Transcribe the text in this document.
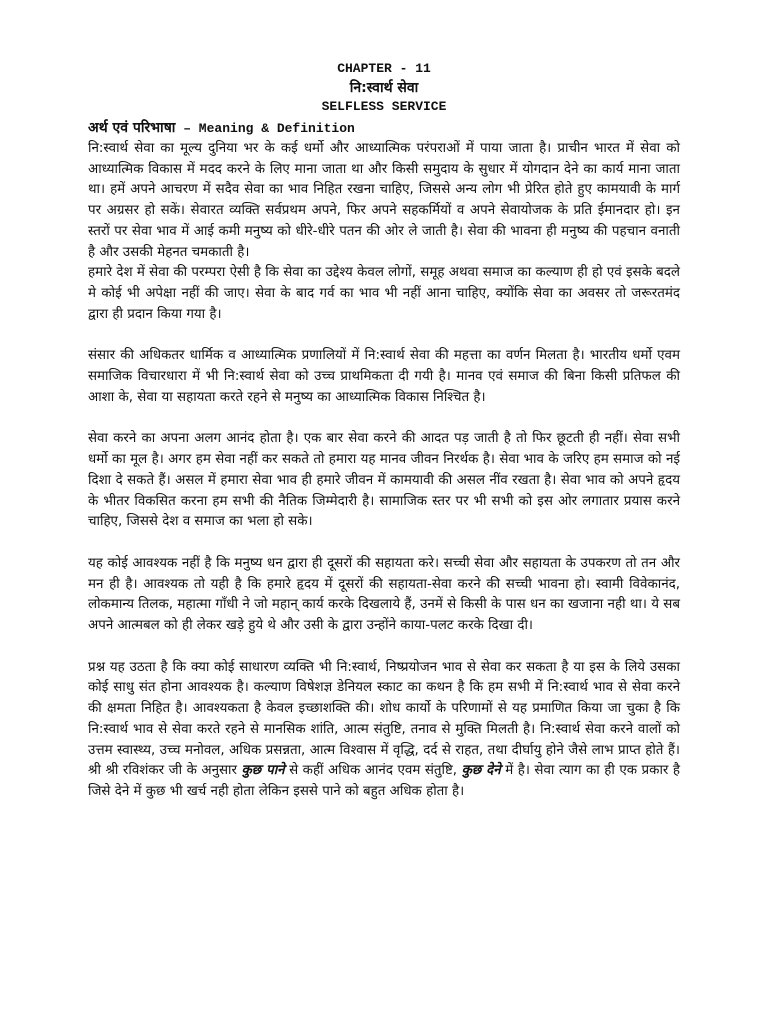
CHAPTER - 11
नि:स्वार्थ सेवा
SELFLESS SERVICE
अर्थ एवं परिभाषा – Meaning & Definition

नि:स्वार्थ सेवा का मूल्य दुनिया भर के कई धर्मो और आध्यात्मिक परंपराओं में पाया जाता है। प्राचीन भारत में सेवा को आध्यात्मिक विकास में मदद करने के लिए माना जाता था और किसी समुदाय के सुधार में योगदान देने का कार्य माना जाता था। हमें अपने आचरण में सदैव सेवा का भाव निहित रखना चाहिए, जिससे अन्य लोग भी प्रेरित होते हुए कामयावी के मार्ग पर अग्रसर हो सकें। सेवारत व्यक्ति सर्वप्रथम अपने, फिर अपने सहकर्मियों व अपने सेवायोजक के प्रति ईमानदार हो। इन स्तरों पर सेवा भाव में आई कमी मनुष्य को धीरे-धीरे पतन की ओर ले जाती है। सेवा की भावना ही मनुष्य की पहचान वनाती है और उसकी मेहनत चमकाती है।

हमारे देश में सेवा की परम्परा ऐसी है कि सेवा का उद्देश्य केवल लोगों, समूह अथवा समाज का कल्याण ही हो एवं इसके बदले मे कोई भी अपेक्षा नहीं की जाए। सेवा के बाद गर्व का भाव भी नहीं आना चाहिए, क्योंकि सेवा का अवसर तो जरूरतमंद द्वारा ही प्रदान किया गया है।

संसार की अधिकतर धार्मिक व आध्यात्मिक प्रणालियों में नि:स्वार्थ सेवा की महत्ता का वर्णन मिलता है। भारतीय धर्मो एवम समाजिक विचारधारा में भी नि:स्वार्थ सेवा को उच्च प्राथमिकता दी गयी है। मानव एवं समाज की बिना किसी प्रतिफल की आशा के, सेवा या सहायता करते रहने से मनुष्य का आध्यात्मिक विकास निश्चित है।

सेवा करने का अपना अलग आनंद होता है। एक बार सेवा करने की आदत पड़ जाती है तो फिर छूटती ही नहीं। सेवा सभी धर्मो का मूल है। अगर हम सेवा नहीं कर सकते तो हमारा यह मानव जीवन निरर्थक है। सेवा भाव के जरिए हम समाज को नई दिशा दे सकते हैं। असल में हमारा सेवा भाव ही हमारे जीवन में कामयावी की असल नींव रखता है। सेवा भाव को अपने हृदय के भीतर विकसित करना हम सभी की नैतिक जिम्मेदारी है। सामाजिक स्तर पर भी सभी को इस ओर लगातार प्रयास करने चाहिए, जिससे देश व समाज का भला हो सके।

यह कोई आवश्यक नहीं है कि मनुष्य धन द्वारा ही दूसरों की सहायता करे। सच्ची सेवा और सहायता के उपकरण तो तन और मन ही है। आवश्यक तो यही है कि हमारे हृदय में दूसरों की सहायता-सेवा करने की सच्ची भावना हो। स्वामी विवेकानंद, लोकमान्य तिलक, महात्मा गाँधी ने जो महान् कार्य करके दिखलाये हैं, उनमें से किसी के पास धन का खजाना नही था। ये सब अपने आत्मबल को ही लेकर खड़े हुये थे और उसी के द्वारा उन्होंने काया-पलट करके दिखा दी।

प्रश्न यह उठता है कि क्या कोई साधारण व्यक्ति भी नि:स्वार्थ, निष्प्रयोजन भाव से सेवा कर सकता है या इस के लिये उसका कोई साधु संत होना आवश्यक है। कल्याण विषेशज्ञ डेनियल स्काट का कथन है कि हम सभी में नि:स्वार्थ भाव से सेवा करने की क्षमता निहित है। आवश्यकता है केवल इच्छाशक्ति की। शोध कार्यो के परिणामों से यह प्रमाणित किया जा चुका है कि नि:स्वार्थ भाव से सेवा करते रहने से मानसिक शांति, आत्म संतुष्टि, तनाव से मुक्ति मिलती है। नि:स्वार्थ सेवा करने वालों को उत्तम स्वास्थ्य, उच्च मनोवल, अधिक प्रसन्नता, आत्म विश्वास में वृद्धि, दर्द से राहत, तथा दीर्घायु होने जैसे लाभ प्राप्त होते हैं। श्री श्री रविशंकर जी के अनुसार कुछ पाने से कहीं अधिक आनंद एवम संतुष्टि, कुछ देने में है। सेवा त्याग का ही एक प्रकार है जिसे देने में कुछ भी खर्च नही होता लेकिन इससे पाने को बहुत अधिक होता है।
